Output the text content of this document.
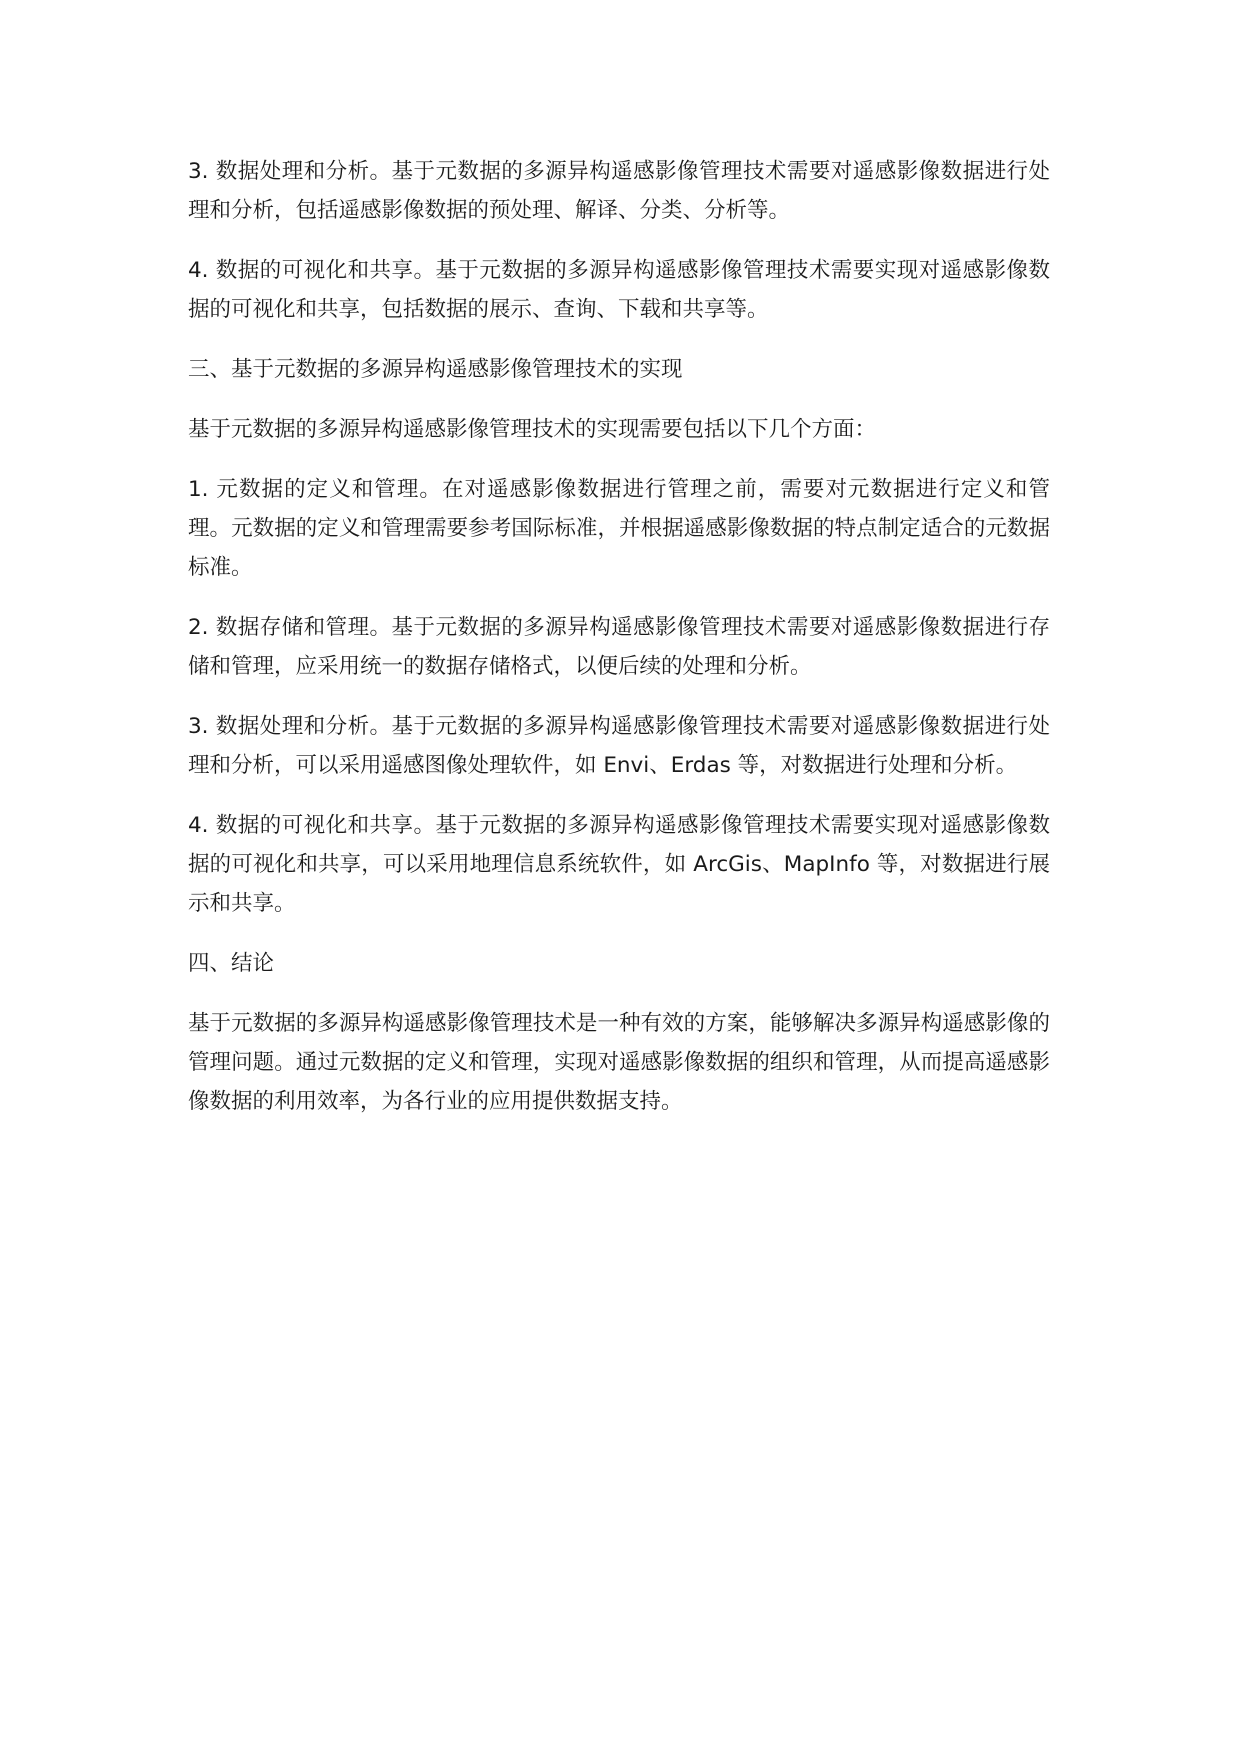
3. 数据处理和分析。基于元数据的多源异构遥感影像管理技术需要对遥感影像数据进行处理和分析，包括遥感影像数据的预处理、解译、分类、分析等。

4. 数据的可视化和共享。基于元数据的多源异构遥感影像管理技术需要实现对遥感影像数据的可视化和共享，包括数据的展示、查询、下载和共享等。

三、基于元数据的多源异构遥感影像管理技术的实现

基于元数据的多源异构遥感影像管理技术的实现需要包括以下几个方面：

1. 元数据的定义和管理。在对遥感影像数据进行管理之前，需要对元数据进行定义和管理。元数据的定义和管理需要参考国际标准，并根据遥感影像数据的特点制定适合的元数据标准。

2. 数据存储和管理。基于元数据的多源异构遥感影像管理技术需要对遥感影像数据进行存储和管理，应采用统一的数据存储格式，以便后续的处理和分析。

3. 数据处理和分析。基于元数据的多源异构遥感影像管理技术需要对遥感影像数据进行处理和分析，可以采用遥感图像处理软件，如 Envi、Erdas 等，对数据进行处理和分析。

4. 数据的可视化和共享。基于元数据的多源异构遥感影像管理技术需要实现对遥感影像数据的可视化和共享，可以采用地理信息系统软件，如 ArcGis、MapInfo 等，对数据进行展示和共享。

四、结论

基于元数据的多源异构遥感影像管理技术是一种有效的方案，能够解决多源异构遥感影像的管理问题。通过元数据的定义和管理，实现对遥感影像数据的组织和管理，从而提高遥感影像数据的利用效率，为各行业的应用提供数据支持。
